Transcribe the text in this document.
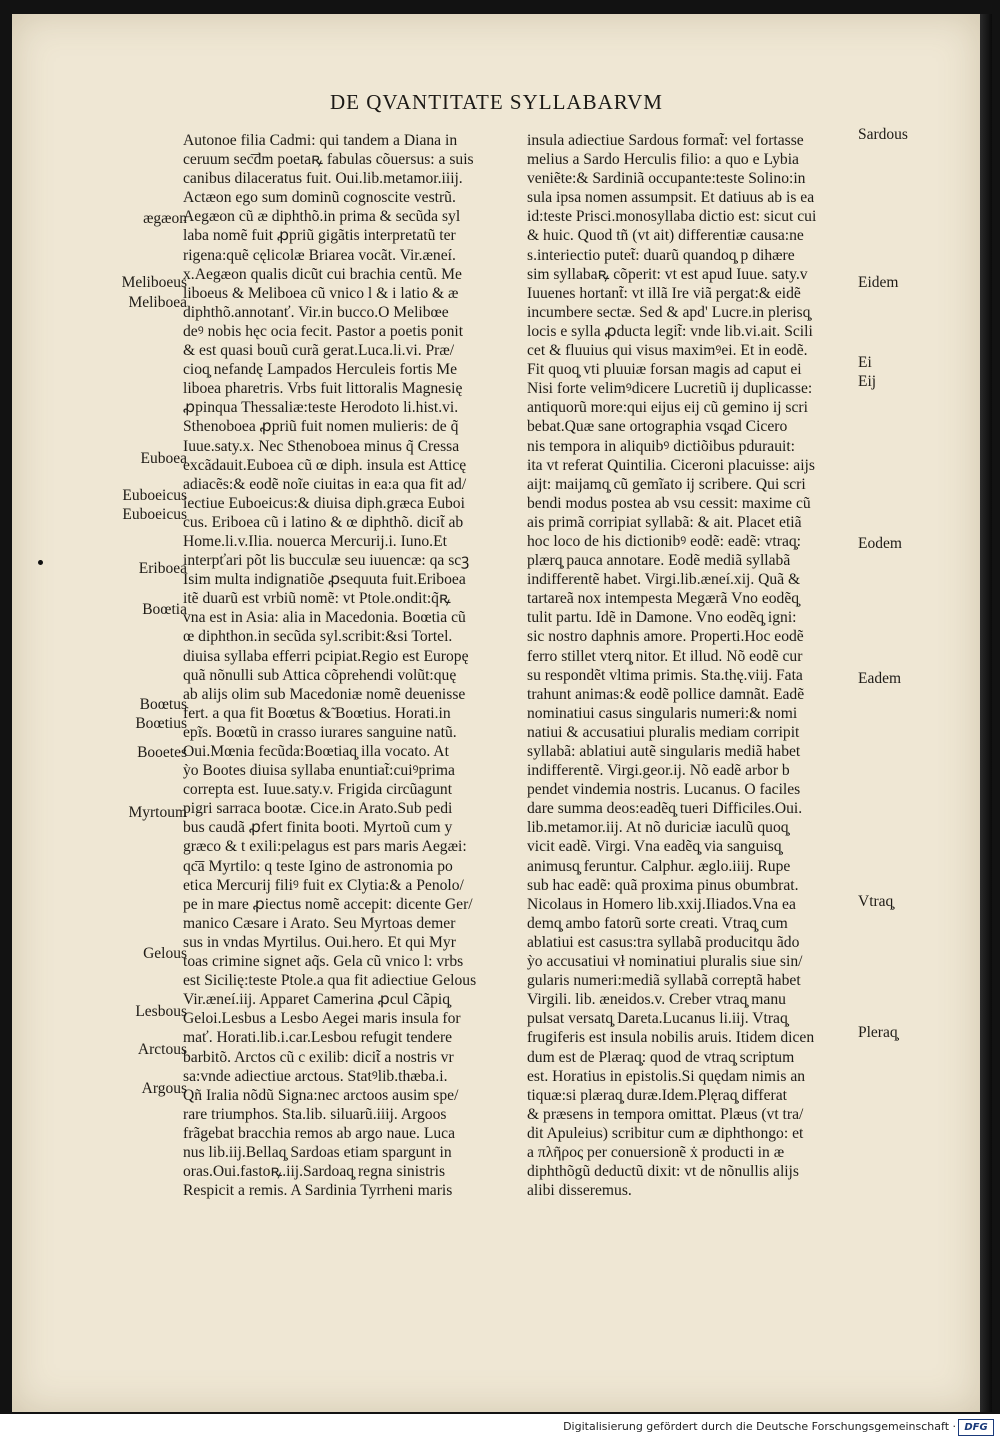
DE QVANTITATE SYLLABARVM
Autonoe filia Cadmi: qui tandem a Diana in
ceruum sec͞dm poetaꝶ fabulas cõuersus: a suis
canibus dilaceratus fuit. Oui.lib.metamor.iiĳ.
Actæon ego sum dominũ cognoscite vestrũ.
Aegæon cũ æ diphthõ.in prima & secũda syl
laba nomẽ fuit ꝓpriũ gigãtis interpretatũ ter
rigena:quẽ cęlicolæ Briarea vocãt. Vir.æneí.
x.Aegæon qualis dicũt cui brachia centũ. Me
liboeus & Meliboea cũ vnico l & i latio & æ
diphthõ.annotanť. Vir.in bucco.O Melibœe
deꝰ nobis hęc ocia fecit. Pastor a poetis ponit
& est quasi bouũ curã gerat.Luca.li.vi. Præ/
cioq̧ nefandę Lampados Herculeis fortis Me
liboea pharetris. Vrbs fuit littoralis Magnesię
ꝓpinqua Thessaliæ:teste Herodoto li.hist.vi.
Sthenoboea ꝓpriũ fuit nomen mulieris: de q̃
Iuue.saty.x. Nec Sthenoboea minus q̃ Cressa
excãdauit.Euboea cũ œ diph. insula est Atticę
adiacẽs:& eodẽ noĩe ciuitas in ea:a qua fit ad/
iectiue Euboeicus:& diuisa diph.græca Euboi
cus. Eriboea cũ i latino & œ diphthõ. dicit̃ ab
Home.li.v.Ilia. nouerca Mercurĳ.i. Iuno.Et
interpťari põt lis bucculæ seu iuuencæ: qa scꝫ
Isim multa indignatiõe ꝓsequuta fuit.Eriboea
itẽ duarũ est vrbiũ nomẽ: vt Ptole.ondit:q̃ꝶ
vna est in Asia: alia in Macedonia. Boœtia cũ
œ diphthon.in secũda syl.scribit:&si Tortel.
diuisa syllaba efferri pcipiat.Regio est Europę
quã nõnulli sub Attica cõprehendi volũt:quę
ab alĳs olim sub Macedoniæ nomẽ deuenisse
fert. a qua fit Boœtus &̃ Boœtius. Horati.in
epĩs. Boœtũ in crasso iurares sanguine natũ.
Oui.Mœnia fecũda:Boœtiaq̧ illa vocato. At
ỳo Bootes diuisa syllaba enuntiat̃:cuiꝰprima
correpta est. Iuue.saty.v. Frigida circũagunt
pigri sarraca bootæ. Cice.in Arato.Sub pedi
bus caudã ꝓfert finita booti. Myrtoũ cum y
græco & t exili:pelagus est pars maris Aegæi:
qc͞a Myrtilo: q teste Igino de astronomia po
etica Mercurĳ filiꝰ fuit ex Clytia:& a Penolo/
pe in mare ꝓiectus nomẽ accepit: dicente Ger/
manico Cæsare i Arato. Seu Myrtoas demer
sus in vndas Myrtilus. Oui.hero. Et qui Myr
toas crimine signet aq̃s. Gela cũ vnico l: vrbs
est Sicilię:teste Ptole.a qua fit adiectiue Gelous
Vir.æneí.iĳ. Apparet Camerina ꝓcul Cãpiq̧
Geloi.Lesbus a Lesbo Aegei maris insula for
mať. Horati.lib.i.car.Lesbou refugit tendere
barbitõ. Arctos cũ c exilib: dicit̃ a nostris vr
sa:vnde adiectiue arctous. Statꝰlib.thæba.i.
Qñ Iralia nõdũ Signa:nec arctoos ausim spe/
rare triumphos. Sta.lib. siluarũ.iiĳ. Argoos
frãgebat bracchia remos ab argo naue. Luca
nus lib.iĳ.Bellaq̧ Sardoas etiam spargunt in
oras.Oui.fastoꝶ.iĳ.Sardoaq̧ regna sinistris
Respicit a remis. A Sardinia Tyrrheni maris
insula adiectiue Sardous format̃: vel fortasse
melius a Sardo Herculis filio: a quo e Lybia
veniẽte:& Sardiniã occupante:teste Solino:in
sula ipsa nomen assumpsit. Et datiuus ab is ea
id:teste Prisci.monosyllaba dictio est: sicut cui
& huic. Quod tñ (vt ait) differentiæ causa:ne
s.interiectio putet̃: duarũ quandoq̧ p dihære
sim syllabaꝶ cõperit: vt est apud Iuue. saty.v
Iuuenes hortant̃: vt illã Ire viã pergat:& eidẽ
incumbere sectæ. Sed & apd' Lucre.in plerisq̧
locis e sylla ꝓducta legit̃: vnde lib.vi.ait. Scili
cet & fluuius qui visus maximꝰei. Et in eodẽ.
Fit quoq̧ vti pluuiæ forsan magis ad caput ei
Nisi forte velimꝰdicere Lucretiũ ĳ duplicasse:
antiquorũ more:qui eĳus eĳ cũ gemino ĳ scri
bebat.Quæ sane ortographia vsq̧ad Cicero
nis tempora in aliquibꝰ dictiõibus pdurauit:
ita vt referat Quintilia. Ciceroni placuisse: aĳs
aĳt: maĳamq̧ cũ gemĩato ĳ scribere. Qui scri
bendi modus postea ab vsu cessit: maxime cũ
ais primã corripiat syllabã: & ait. Placet etiã
hoc loco de his dictionibꝰ eodẽ: eadẽ: vtraq̧:
plærq̧ pauca annotare. Eodẽ mediã syllabã
indifferentẽ habet. Virgi.lib.æneí.xĳ. Quã &
tartareã nox intempesta Megærã Vno eodẽq̧
tulit partu. Idẽ in Damone. Vno eodẽq̧ igni:
sic nostro daphnis amore. Properti.Hoc eodẽ
ferro stillet vterq̧ nitor. Et illud. Nõ eodẽ cur
su respondẽt vltima primis. Sta.thę.viĳ. Fata
trahunt animas:& eodẽ pollice damnãt. Eadẽ
nominatiui casus singularis numeri:& nomi
natiui & accusatiui pluralis mediam corripit
syllabã: ablatiui autẽ singularis mediã habet
indifferentẽ. Virgi.geor.ĳ. Nõ eadẽ arbor b
pendet vindemia nostris. Lucanus. O faciles
dare summa deos:eadẽq̧ tueri Difficiles.Oui.
lib.metamor.iĳ. At nõ duriciæ iaculũ quoq̧
vicit eadẽ. Virgi. Vna eadẽq̧ via sanguisq̧
animusq̧ feruntur. Calphur. æglo.iiĳ. Rupe
sub hac eadẽ: quã proxima pinus obumbrat.
Nicolaus in Homero lib.xxĳ.Iliados.Vna ea
demq̧ ambo fatorũ sorte creati. Vtraq̧ cum
ablatiui est casus:tra syllabã producitqu ãdo
ỳo accusatiui vł nominatiui pluralis siue sin/
gularis numeri:mediã syllabã correptã habet
Virgili. lib. æneidos.v. Creber vtraq̧ manu
pulsat versatq̧ Dareta.Lucanus li.iĳ. Vtraq̧
frugiferis est insula nobilis aruis. Itidem dicen
dum est de Plæraq̧: quod de vtraq̧ scriptum
est. Horatius in epistolis.Si quędam nimis an
tiquæ:si plæraq̧ duræ.Idem.Plęraq̧ differat
& præsens in tempora omittat. Plæus (vt tra/
dit Apuleius) scribitur cum æ diphthongo: et
a πλῆρος per conuersionẽ ẋ producti in æ
diphthõgũ deductũ dixit: vt de nõnullis alĳs
alibi disseremus.
ægæon
Meliboeus
Meliboea
Euboea
Euboeicus
Euboeicus
Eriboea
Boœtia
Boœtus
Boœtius
Booetes
Myrtoum
Gelous
Lesbous
Arctous
Argous
Sardous
Eidem
Ei
Eij
Eodem
Eadem
Vtraq̧
Pleraq̧
Digitalisierung gefördert durch die Deutsche Forschungsgemeinschaft · DFG
